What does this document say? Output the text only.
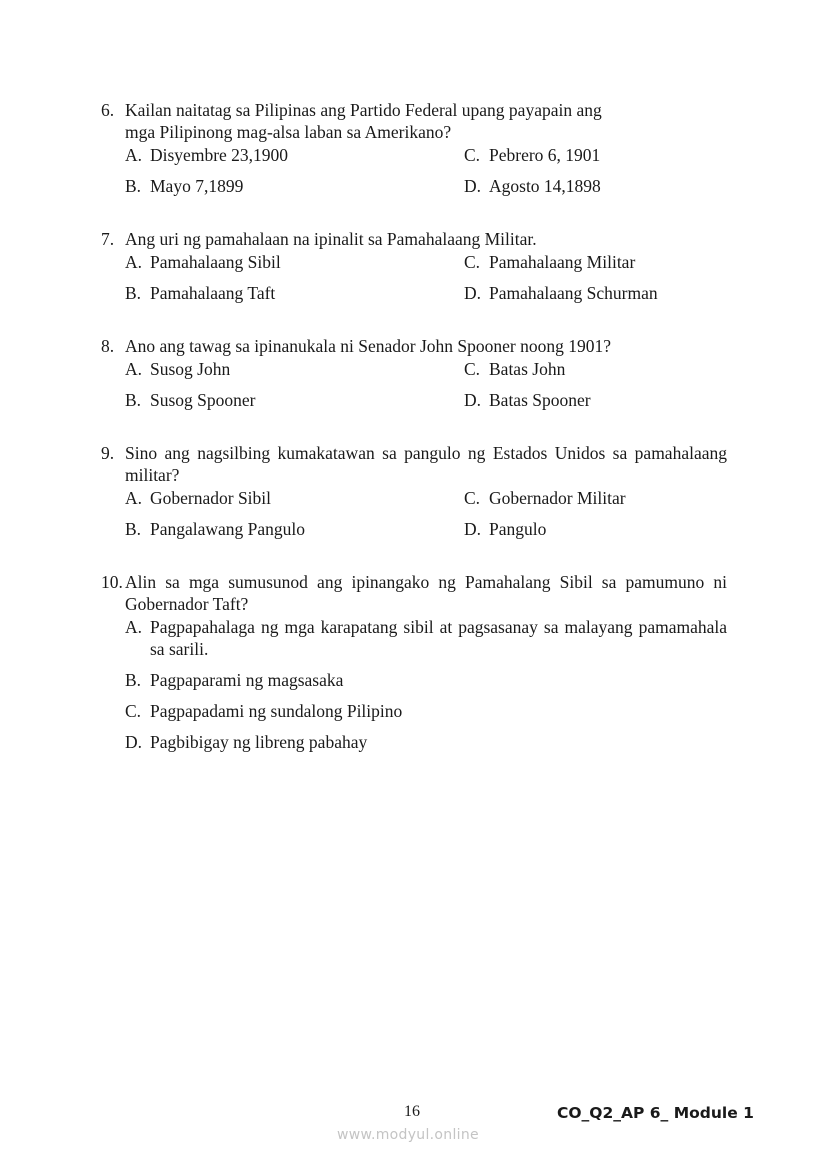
6. Kailan naitatag sa Pilipinas ang Partido Federal upang payapain ang
mga Pilipinong mag-alsa laban sa Amerikano?
A. Disyembre 23,1900	C. Pebrero 6, 1901
B. Mayo 7,1899	D. Agosto 14,1898
7. Ang uri ng pamahalaan na ipinalit sa Pamahalaang Militar.
A. Pamahalaang Sibil	C. Pamahalaang Militar
B. Pamahalaang Taft	D. Pamahalaang Schurman
8. Ano ang tawag sa ipinanukala ni Senador John Spooner noong 1901?
A. Susog John	C. Batas John
B. Susog Spooner	D. Batas Spooner
9. Sino ang nagsilbing kumakatawan sa pangulo ng Estados Unidos sa pamahalaang militar?
A. Gobernador Sibil	C. Gobernador Militar
B. Pangalawang Pangulo	D. Pangulo
10. Alin sa mga sumusunod ang ipinangako ng Pamahalang Sibil sa pamumuno ni Gobernador Taft?
A. Pagpapahalaga ng mga karapatang sibil at pagsasanay sa malayang pamamahala sa sarili.
B. Pagpaparami ng magsasaka
C. Pagpapadami ng sundalong Pilipino
D. Pagbibigay ng libreng pabahay
16	CO_Q2_AP 6_ Module 1
www.modyul.online
